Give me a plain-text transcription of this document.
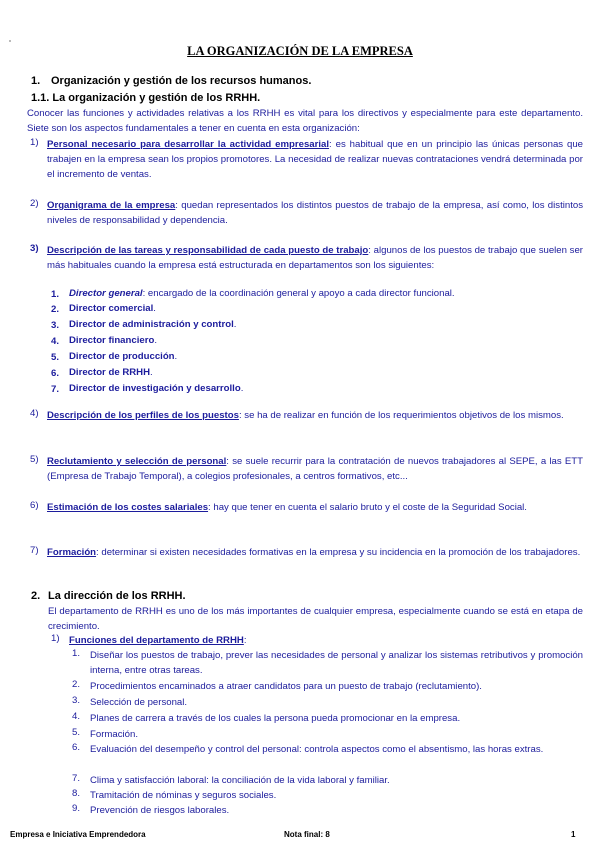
LA ORGANIZACIÓN DE LA EMPRESA
1. Organización y gestión de los recursos humanos.
1.1. La organización y gestión de los RRHH.
Conocer las funciones y actividades relativas a los RRHH es vital para los directivos y especialmente para este departamento. Siete son los aspectos fundamentales a tener en cuenta en esta organización:
1) Personal necesario para desarrollar la actividad empresarial: es habitual que en un principio las únicas personas que trabajen en la empresa sean los propios promotores. La necesidad de realizar nuevas contrataciones vendrá determinada por el incremento de ventas.
2) Organigrama de la empresa: quedan representados los distintos puestos de trabajo de la empresa, así como, los distintos niveles de responsabilidad y dependencia.
3) Descripción de las tareas y responsabilidad de cada puesto de trabajo: algunos de los puestos de trabajo que suelen ser más habituales cuando la empresa está estructurada en departamentos son los siguientes:
1. Director general: encargado de la coordinación general y apoyo a cada director funcional.
2. Director comercial.
3. Director de administración y control.
4. Director financiero.
5. Director de producción.
6. Director de RRHH.
7. Director de investigación y desarrollo.
4) Descripción de los perfiles de los puestos: se ha de realizar en función de los requerimientos objetivos de los mismos.
5) Reclutamiento y selección de personal: se suele recurrir para la contratación de nuevos trabajadores al SEPE, a las ETT (Empresa de Trabajo Temporal), a colegios profesionales, a centros formativos, etc...
6) Estimación de los costes salariales: hay que tener en cuenta el salario bruto y el coste de la Seguridad Social.
7) Formación: determinar si existen necesidades formativas en la empresa y su incidencia en la promoción de los trabajadores.
2. La dirección de los RRHH.
El departamento de RRHH es uno de los más importantes de cualquier empresa, especialmente cuando se está en etapa de crecimiento.
1) Funciones del departamento de RRHH:
1. Diseñar los puestos de trabajo, prever las necesidades de personal y analizar los sistemas retributivos y promoción interna, entre otras tareas.
2. Procedimientos encaminados a atraer candidatos para un puesto de trabajo (reclutamiento).
3. Selección de personal.
4. Planes de carrera a través de los cuales la persona pueda promocionar en la empresa.
5. Formación.
6. Evaluación del desempeño y control del personal: controla aspectos como el absentismo, las horas extras.
7. Clima y satisfacción laboral: la conciliación de la vida laboral y familiar.
8. Tramitación de nóminas y seguros sociales.
9. Prevención de riesgos laborales.
Empresa e Iniciativa Emprendedora	Nota final: 8	1
